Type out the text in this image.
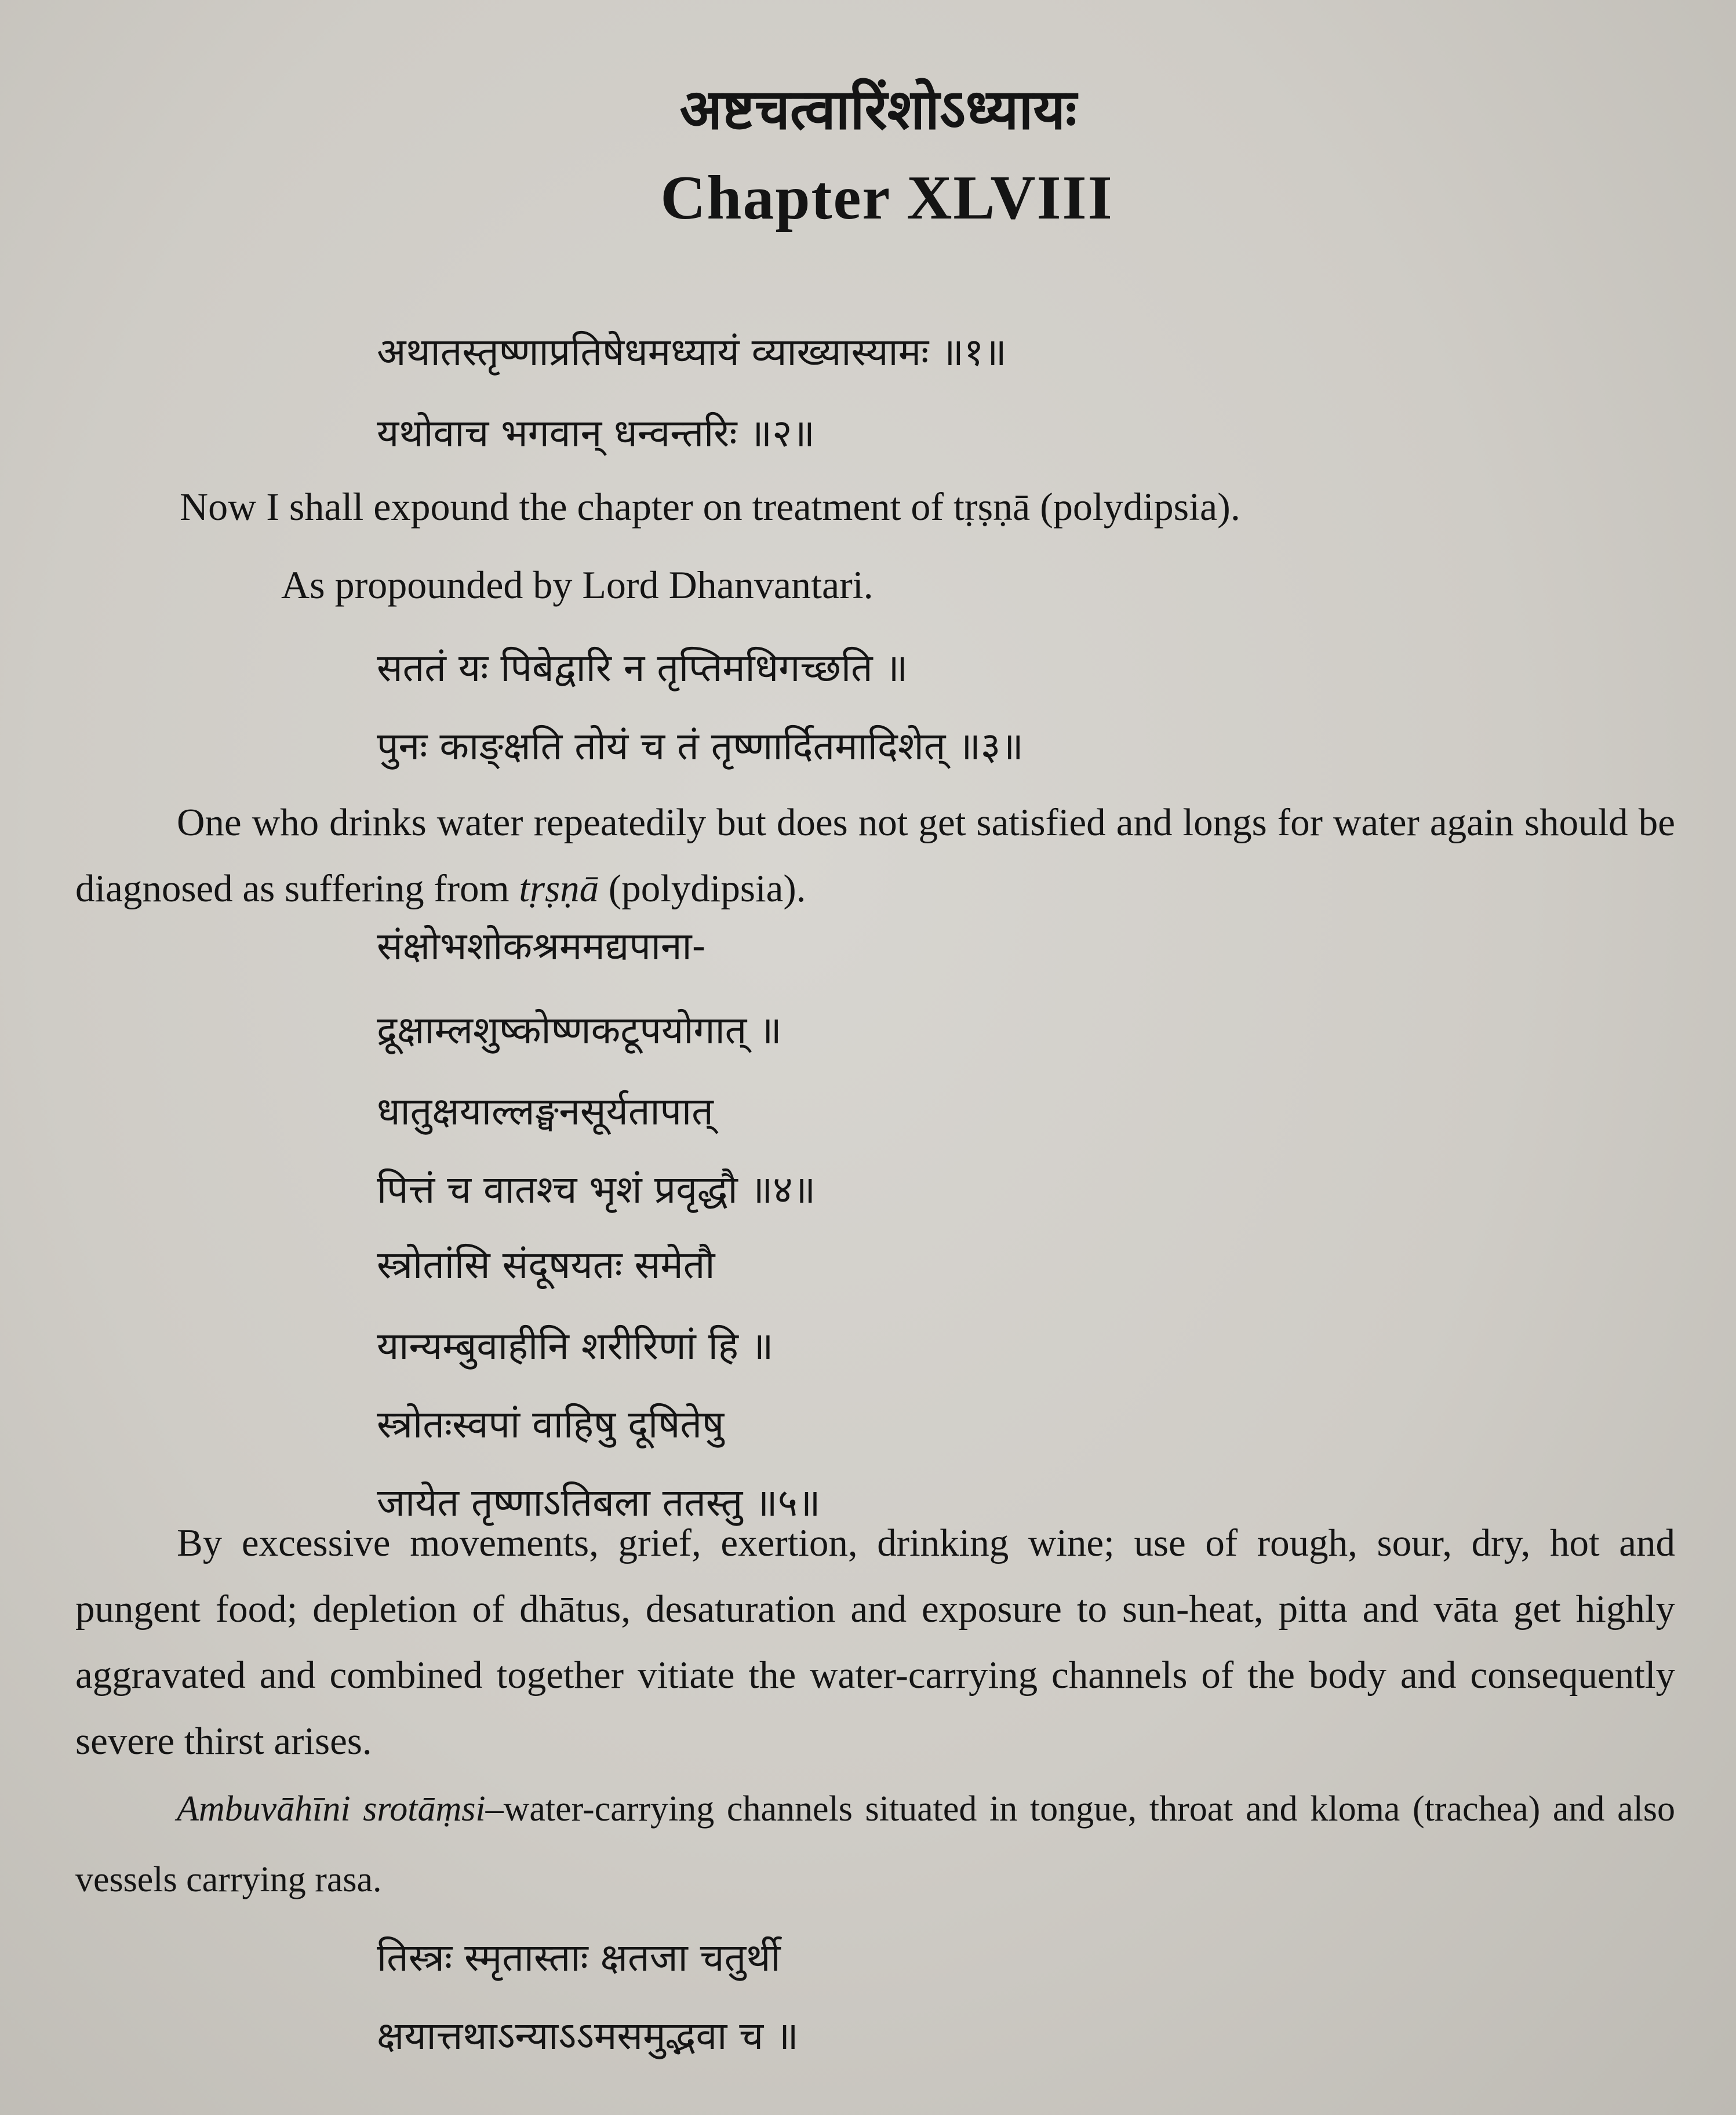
अष्टचत्वारिंशोऽध्यायः
Chapter XLVIII
अथातस्तृष्णाप्रतिषेधमध्यायं व्याख्यास्यामः ॥१॥
यथोवाच भगवान् धन्वन्तरिः ॥२॥
Now I shall expound the chapter on treatment of tṛṣṇā (polydipsia).
As propounded by Lord Dhanvantari.
सततं यः पिबेद्वारि न तृप्तिमधिगच्छति ॥
पुनः काङ्क्षति तोयं च तं तृष्णार्दितमादिशेत् ॥३॥
One who drinks water repeatedily but does not get satisfied and longs for water again should be diagnosed as suffering from tṛṣṇā (polydipsia).
संक्षोभशोकश्रममद्यपाना-
द्रूक्षाम्लशुष्कोष्णकटूपयोगात् ॥
धातुक्षयाल्लङ्घनसूर्यतापात्
पित्तं च वातश्च भृशं प्रवृद्धौ ॥४॥
स्त्रोतांसि संदूषयतः समेतौ
यान्यम्बुवाहीनि शरीरिणां हि ॥
स्त्रोतःस्वपां वाहिषु दूषितेषु
जायेत तृष्णाऽतिबला ततस्तु ॥५॥
By excessive movements, grief, exertion, drinking wine; use of rough, sour, dry, hot and pungent food; depletion of dhātus, desaturation and exposure to sun-heat, pitta and vāta get highly aggravated and combined together vitiate the water-carrying channels of the body and consequently severe thirst arises.
Ambuvāhīni srotāṃsi–water-carrying channels situated in tongue, throat and kloma (trachea) and also vessels carrying rasa.
तिस्त्रः स्मृतास्ताः क्षतजा चतुर्थी
क्षयात्तथाऽन्याऽऽमसमुद्भवा च ॥
